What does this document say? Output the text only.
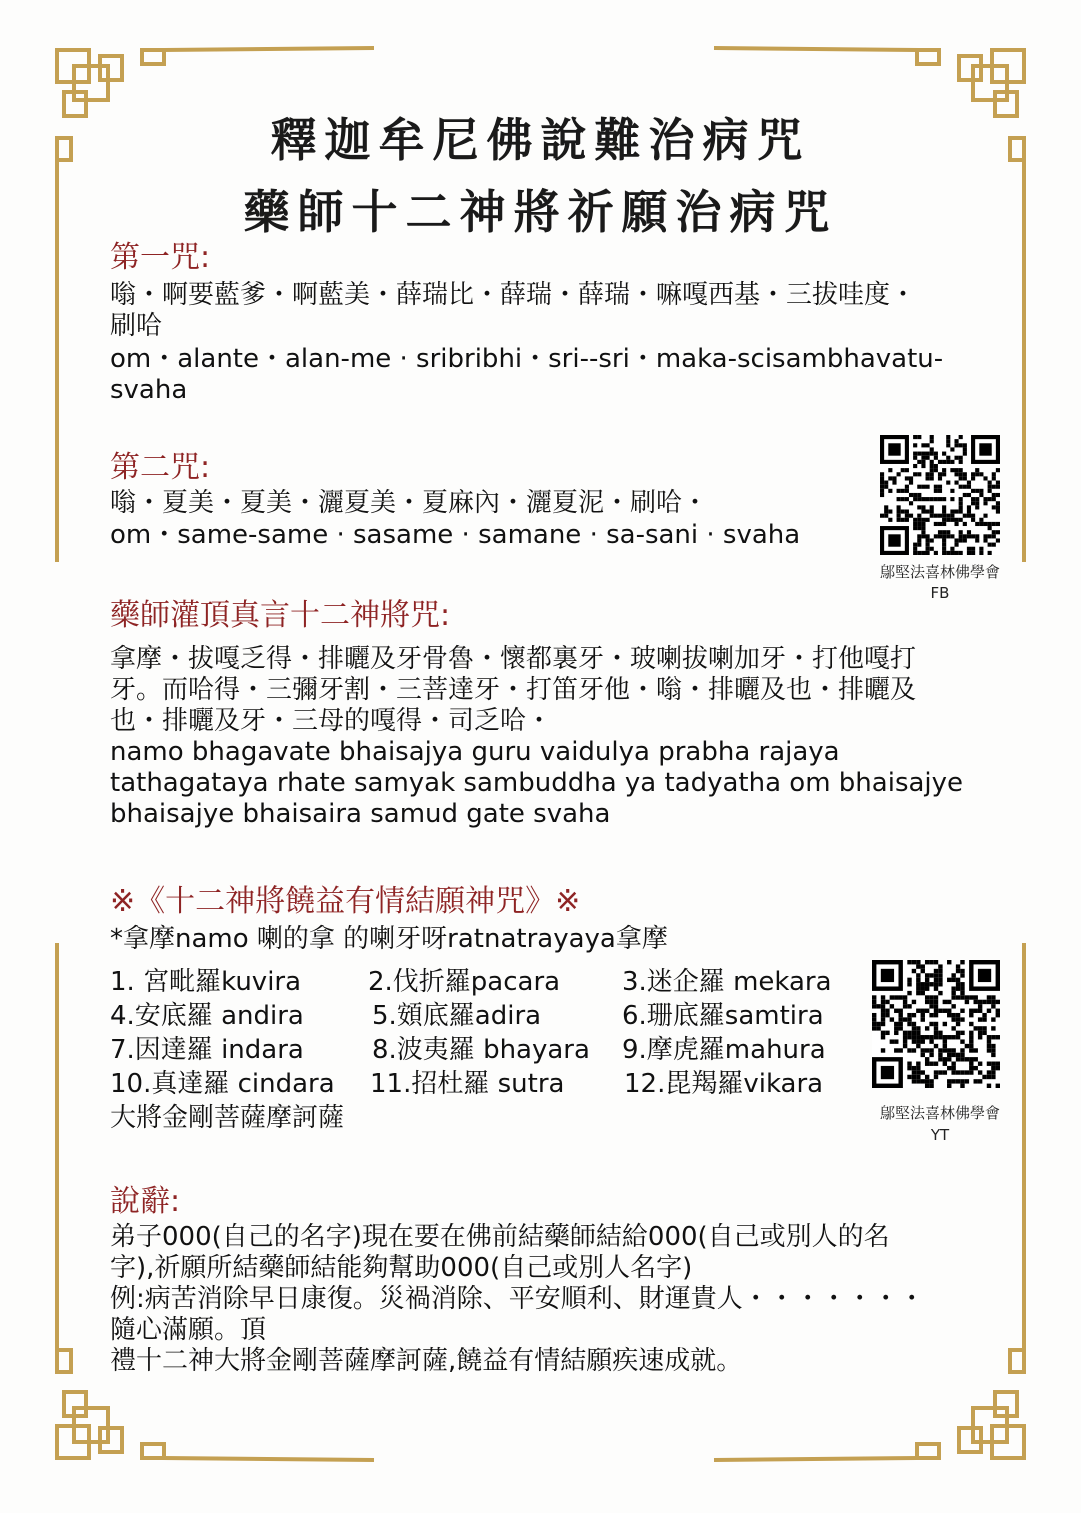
釋迦牟尼佛說難治病咒
藥師十二神將祈願治病咒
第一咒:
嗡・啊要藍爹・啊藍美・薛瑞比・薛瑞・薛瑞・嘛嘎西基・三拔哇度・
刷哈
om・alante・alan-me · sribribhi・sri--sri・maka-scisambhavatu-
svaha
第二咒:
嗡・夏美・夏美・灑夏美・夏麻內・灑夏泥・刷哈・
om・same-same · sasame · samane · sa-sani · svaha
鄔堅法喜林佛學會
FB
藥師灌頂真言十二神將咒:
拿摩・拔嘎乏得・排曬及牙骨魯・懷都裏牙・玻喇拔喇加牙・打他嘎打
牙。而哈得・三彌牙割・三菩達牙・打笛牙他・嗡・排曬及也・排曬及
也・排曬及牙・三母的嘎得・司乏哈・
namo bhagavate bhaisajya guru vaidulya prabha rajaya
tathagataya rhate samyak sambuddha ya tadyatha om bhaisajye
bhaisajye bhaisaira samud gate svaha
※《十二神將饒益有情結願神咒》※
*拿摩namo 喇的拿 的喇牙呀ratnatrayaya拿摩
1. 宮毗羅kuvira	2.伐折羅pacara 3.迷企羅 mekara
4.安底羅 andira	5.頞底羅adira	6.珊底羅samtira
7.因達羅 indara	8.波夷羅 bhayara 9.摩虎羅mahura
10.真達羅 cindara 11.招杜羅 sutra 12.毘羯羅vikara
大將金剛菩薩摩訶薩	鄔堅法喜林佛學會
YT
說辭:
弟子000(自己的名字)現在要在佛前結藥師結給000(自己或別人的名
字),祈願所結藥師結能夠幫助000(自己或別人名字)
例:病苦消除早日康復。災禍消除、平安順利、財運貴人・・・・・・・
隨心滿願。頂
禮十二神大將金剛菩薩摩訶薩,饒益有情結願疾速成就。
